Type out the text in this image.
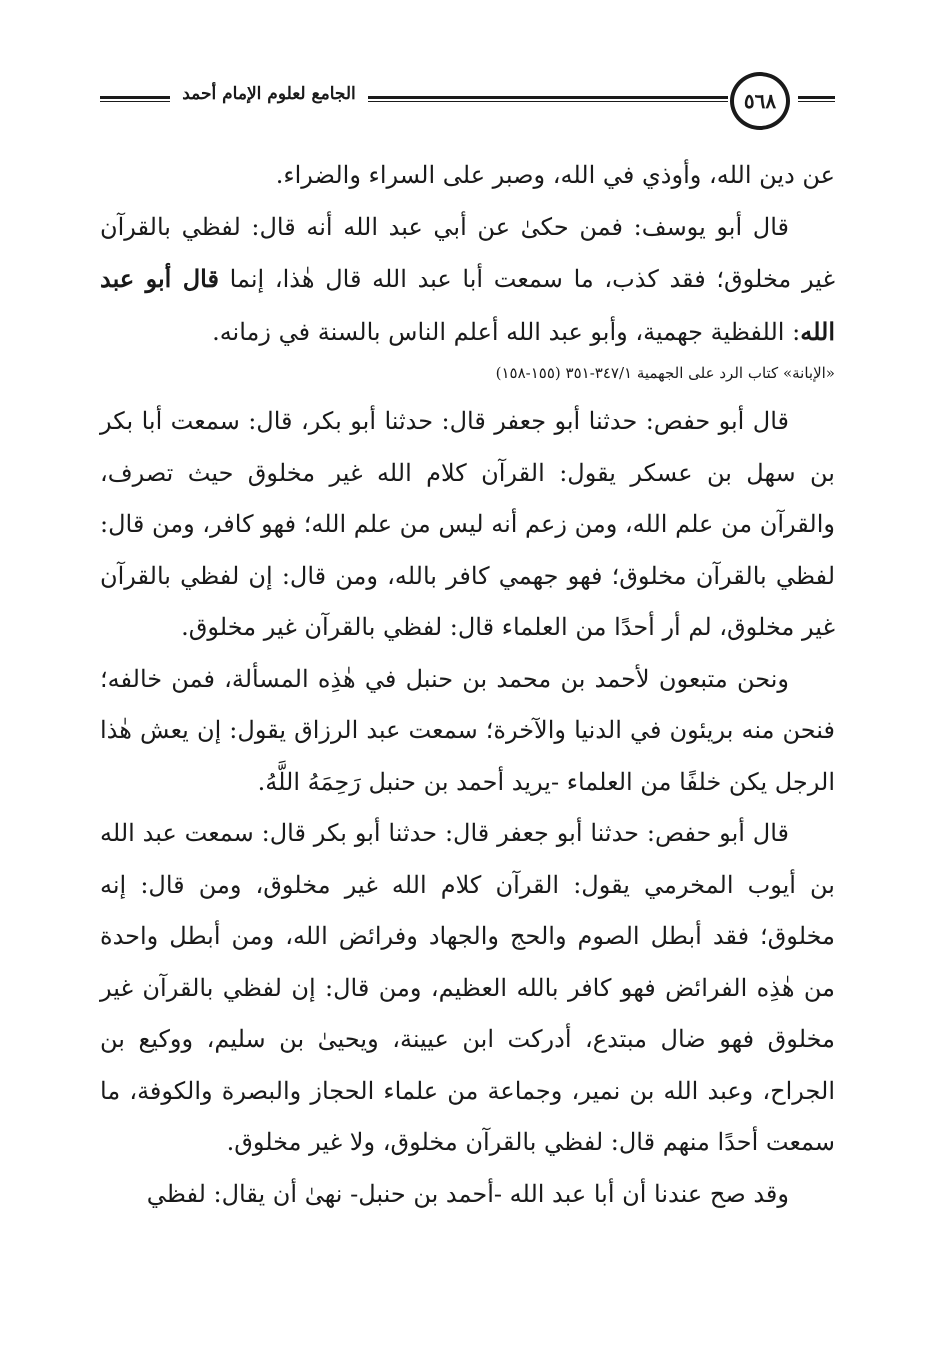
الجامع لعلوم الإمام أحمد	٥٦٨

عن دين الله، وأوذي في الله، وصبر على السراء والضراء.

قال أبو يوسف: فمن حكىٰ عن أبي عبد الله أنه قال: لفظي بالقرآن غير مخلوق؛ فقد كذب، ما سمعت أبا عبد الله قال هٰذا، إنما قال أبو عبد الله: اللفظية جهمية، وأبو عبد الله أعلم الناس بالسنة في زمانه.

«الإبانة» كتاب الرد على الجهمية ٣٤٧/١-٣٥١ (١٥٥-١٥٨)

قال أبو حفص: حدثنا أبو جعفر قال: حدثنا أبو بكر، قال: سمعت أبا بكر بن سهل بن عسكر يقول: القرآن كلام الله غير مخلوق حيث تصرف، والقرآن من علم الله، ومن زعم أنه ليس من علم الله؛ فهو كافر، ومن قال: لفظي بالقرآن مخلوق؛ فهو جهمي كافر بالله، ومن قال: إن لفظي بالقرآن غير مخلوق، لم أر أحدًا من العلماء قال: لفظي بالقرآن غير مخلوق.

ونحن متبعون لأحمد بن محمد بن حنبل في هٰذِه المسألة، فمن خالفه؛ فنحن منه بريئون في الدنيا والآخرة؛ سمعت عبد الرزاق يقول: إن يعش هٰذا الرجل يكن خلفًا من العلماء -يريد أحمد بن حنبل رَحِمَهُ اللَّهُ.

قال أبو حفص: حدثنا أبو جعفر قال: حدثنا أبو بكر قال: سمعت عبد الله بن أيوب المخرمي يقول: القرآن كلام الله غير مخلوق، ومن قال: إنه مخلوق؛ فقد أبطل الصوم والحج والجهاد وفرائض الله، ومن أبطل واحدة من هٰذِه الفرائض فهو كافر بالله العظيم، ومن قال: إن لفظي بالقرآن غير مخلوق فهو ضال مبتدع، أدركت ابن عيينة، ويحيىٰ بن سليم، ووكيع بن الجراح، وعبد الله بن نمير، وجماعة من علماء الحجاز والبصرة والكوفة، ما سمعت أحدًا منهم قال: لفظي بالقرآن مخلوق، ولا غير مخلوق.

وقد صح عندنا أن أبا عبد الله -أحمد بن حنبل- نهىٰ أن يقال: لفظي
